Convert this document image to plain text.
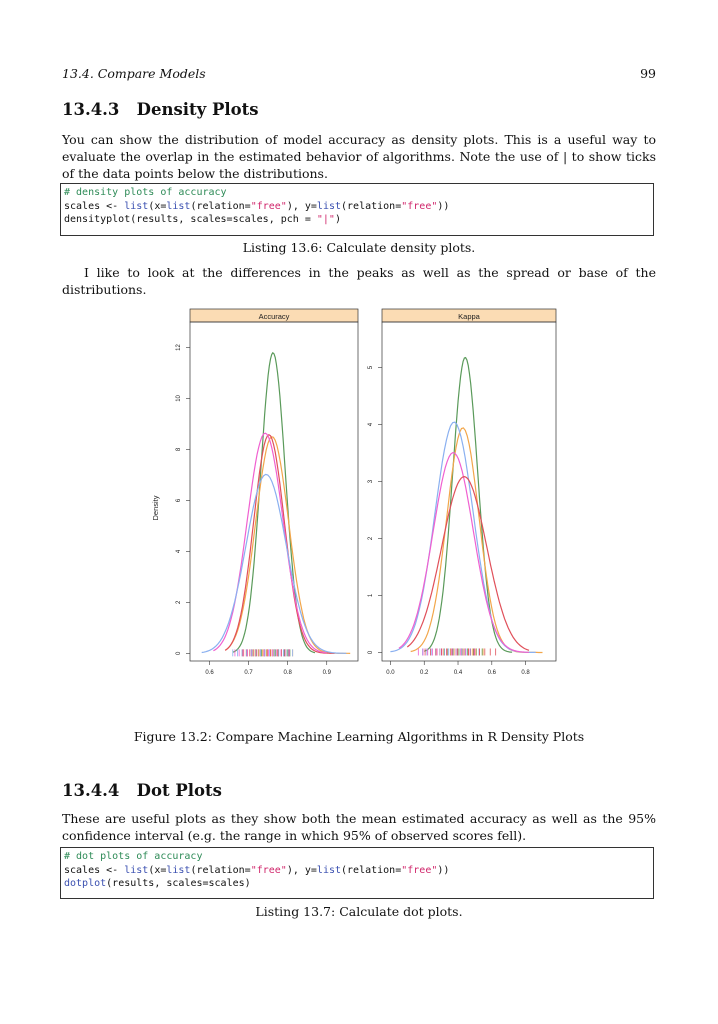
13.4. Compare Models	99
13.4.3 Density Plots
You can show the distribution of model accuracy as density plots. This is a useful way to evaluate the overlap in the estimated behavior of algorithms. Note the use of | to show ticks of the data points below the distributions.
# density plots of accuracy
scales <- list(x=list(relation="free"), y=list(relation="free"))
densityplot(results, scales=scales, pch = "|")
Listing 13.6: Calculate density plots.
I like to look at the differences in the peaks as well as the spread or base of the distributions.
Accuracy
0
2
4
6
8
10
12
0.6	0.7	0.8	0.9
Kappa
0
1
2
3
4
5
0.0	0.2	0.4	0.6	0.8
Density
Figure 13.2: Compare Machine Learning Algorithms in R Density Plots
13.4.4 Dot Plots
These are useful plots as they show both the mean estimated accuracy as well as the 95% confidence interval (e.g. the range in which 95% of observed scores fell).
# dot plots of accuracy
scales <- list(x=list(relation="free"), y=list(relation="free"))
dotplot(results, scales=scales)
Listing 13.7: Calculate dot plots.
